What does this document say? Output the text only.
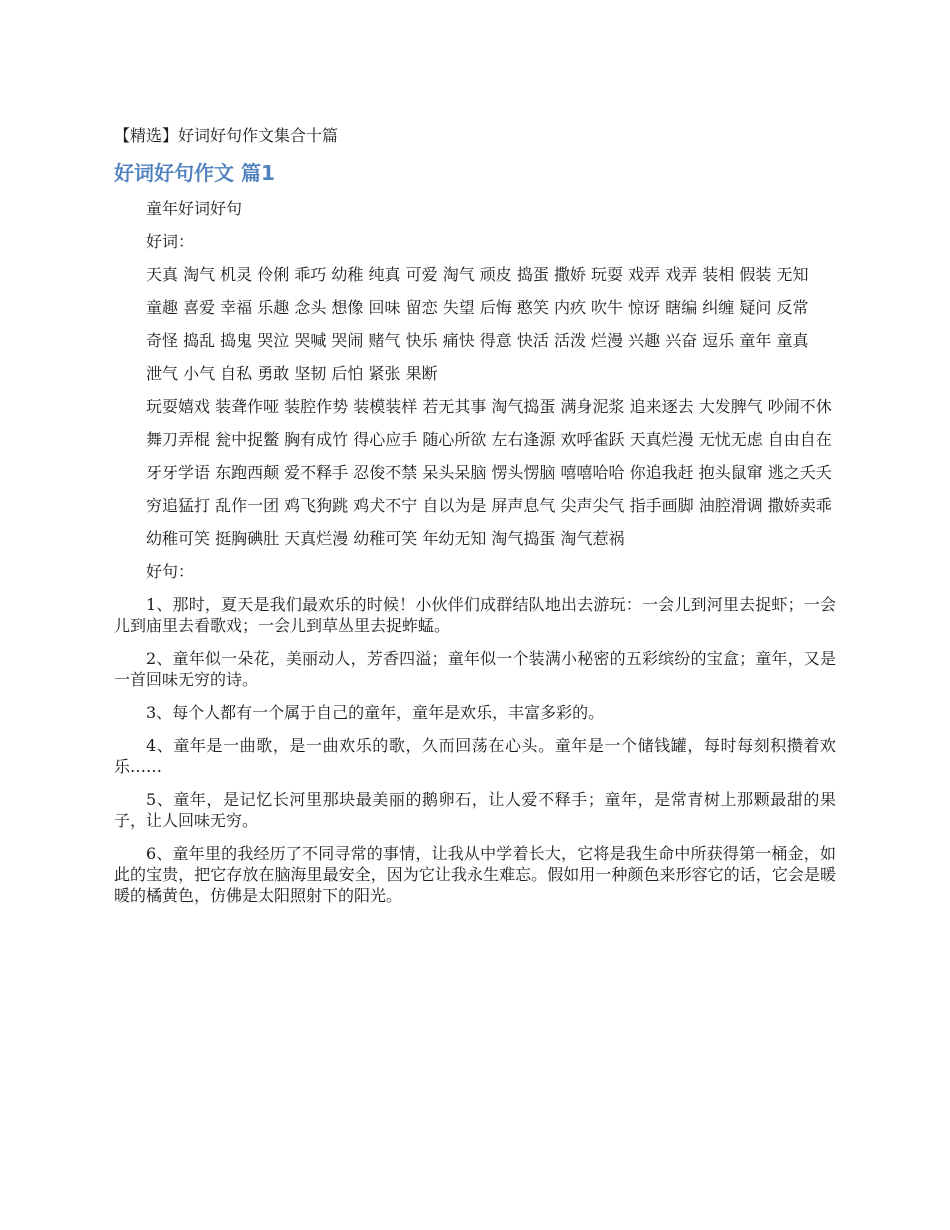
【精选】好词好句作文集合十篇
好词好句作文 篇1

童年好词好句

好词：

天真 淘气 机灵 伶俐 乖巧 幼稚 纯真 可爱 淘气 顽皮 捣蛋 撒娇 玩耍 戏弄 戏弄 装相 假装 无知

童趣 喜爱 幸福 乐趣 念头 想像 回味 留恋 失望 后悔 憨笑 内疚 吹牛 惊讶 瞎编 纠缠 疑问 反常

奇怪 捣乱 捣鬼 哭泣 哭喊 哭闹 赌气 快乐 痛快 得意 快活 活泼 烂漫 兴趣 兴奋 逗乐 童年 童真

泄气 小气 自私 勇敢 坚韧 后怕 紧张 果断

玩耍嬉戏 装聋作哑 装腔作势 装模装样 若无其事 淘气捣蛋 满身泥浆 追来逐去 大发脾气 吵闹不休

舞刀弄棍 瓮中捉鳖 胸有成竹 得心应手 随心所欲 左右逢源 欢呼雀跃 天真烂漫 无忧无虑 自由自在

牙牙学语 东跑西颠 爱不释手 忍俊不禁 呆头呆脑 愣头愣脑 嘻嘻哈哈 你追我赶 抱头鼠窜 逃之夭夭

穷追猛打 乱作一团 鸡飞狗跳 鸡犬不宁 自以为是 屏声息气 尖声尖气 指手画脚 油腔滑调 撒娇卖乖

幼稚可笑 挺胸碘肚 天真烂漫 幼稚可笑 年幼无知 淘气捣蛋 淘气惹祸

好句：

1、那时，夏天是我们最欢乐的时候！小伙伴们成群结队地出去游玩：一会儿到河里去捉虾；一会儿到庙里去看歌戏；一会儿到草丛里去捉蚱蜢。

2、童年似一朵花，美丽动人，芳香四溢；童年似一个装满小秘密的五彩缤纷的宝盒；童年，又是一首回味无穷的诗。

3、每个人都有一个属于自己的童年，童年是欢乐，丰富多彩的。

4、童年是一曲歌，是一曲欢乐的歌，久而回荡在心头。童年是一个储钱罐，每时每刻积攒着欢乐……

5、童年，是记忆长河里那块最美丽的鹅卵石，让人爱不释手；童年，是常青树上那颗最甜的果子，让人回味无穷。

6、童年里的我经历了不同寻常的事情，让我从中学着长大，它将是我生命中所获得第一桶金，如此的宝贵，把它存放在脑海里最安全，因为它让我永生难忘。假如用一种颜色来形容它的话，它会是暖暖的橘黄色，仿佛是太阳照射下的阳光。
